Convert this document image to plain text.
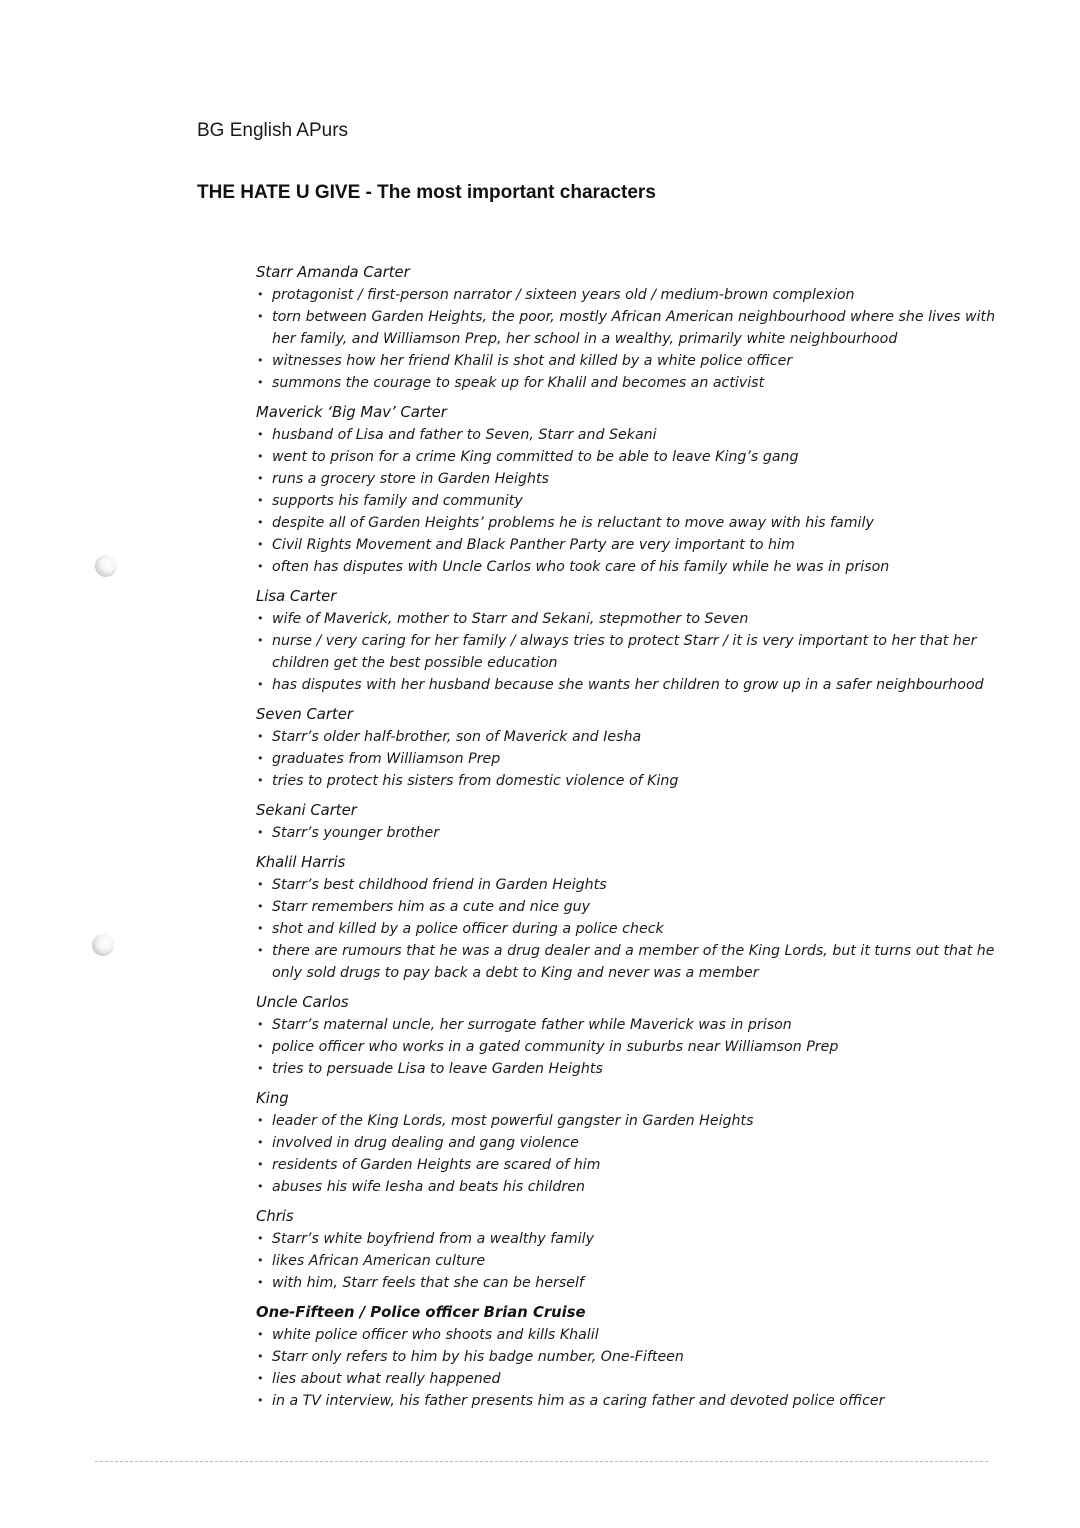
BG English APurs
THE HATE U GIVE - The most important characters
Starr Amanda Carter
• protagonist / first-person narrator / sixteen years old / medium-brown complexion
• torn between Garden Heights, the poor, mostly African American neighbourhood where she lives with her family, and Williamson Prep, her school in a wealthy, primarily white neighbourhood
• witnesses how her friend Khalil is shot and killed by a white police officer
• summons the courage to speak up for Khalil and becomes an activist
Maverick ‘Big Mav’ Carter
• husband of Lisa and father to Seven, Starr and Sekani
• went to prison for a crime King committed to be able to leave King’s gang
• runs a grocery store in Garden Heights
• supports his family and community
• despite all of Garden Heights’ problems he is reluctant to move away with his family
• Civil Rights Movement and Black Panther Party are very important to him
• often has disputes with Uncle Carlos who took care of his family while he was in prison
Lisa Carter
• wife of Maverick, mother to Starr and Sekani, stepmother to Seven
• nurse / very caring for her family / always tries to protect Starr / it is very important to her that her children get the best possible education
• has disputes with her husband because she wants her children to grow up in a safer neighbourhood
Seven Carter
• Starr’s older half-brother, son of Maverick and Iesha
• graduates from Williamson Prep
• tries to protect his sisters from domestic violence of King
Sekani Carter
• Starr’s younger brother
Khalil Harris
• Starr’s best childhood friend in Garden Heights
• Starr remembers him as a cute and nice guy
• shot and killed by a police officer during a police check
• there are rumours that he was a drug dealer and a member of the King Lords, but it turns out that he only sold drugs to pay back a debt to King and never was a member
Uncle Carlos
• Starr’s maternal uncle, her surrogate father while Maverick was in prison
• police officer who works in a gated community in suburbs near Williamson Prep
• tries to persuade Lisa to leave Garden Heights
King
• leader of the King Lords, most powerful gangster in Garden Heights
• involved in drug dealing and gang violence
• residents of Garden Heights are scared of him
• abuses his wife Iesha and beats his children
Chris
• Starr’s white boyfriend from a wealthy family
• likes African American culture
• with him, Starr feels that she can be herself
One-Fifteen / Police officer Brian Cruise
• white police officer who shoots and kills Khalil
• Starr only refers to him by his badge number, One-Fifteen
• lies about what really happened
• in a TV interview, his father presents him as a caring father and devoted police officer
